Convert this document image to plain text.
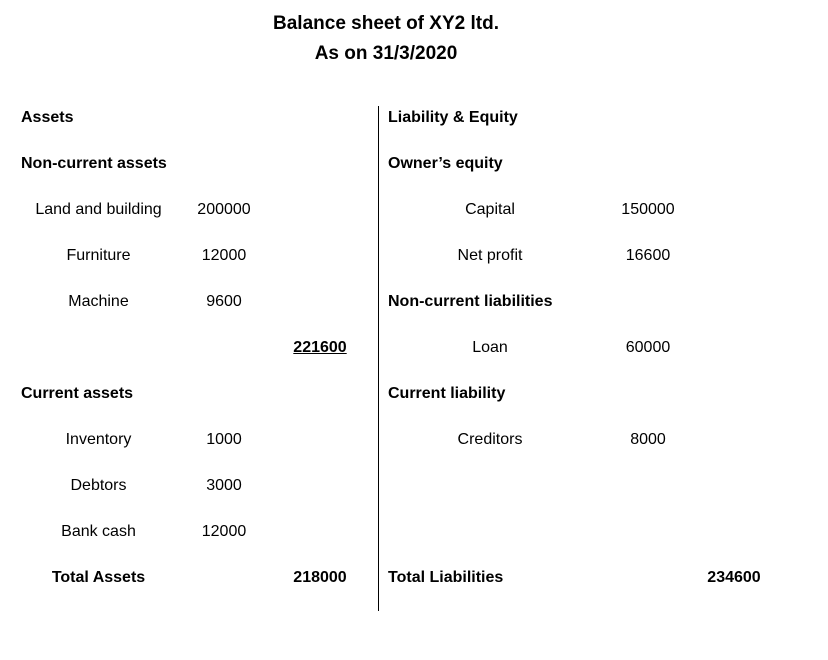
Balance sheet of XY2 ltd.
As on 31/3/2020
Assets
Non-current assets
Land and building	200000
Furniture	12000
Machine	9600
221600
Current assets
Inventory	1000
Debtors	3000
Bank cash	12000
Total Assets	218000
Liability & Equity
Owner’s equity
Capital	150000
Net profit	16600
Non-current liabilities
Loan	60000
Current liability
Creditors	8000
Total Liabilities	234600
